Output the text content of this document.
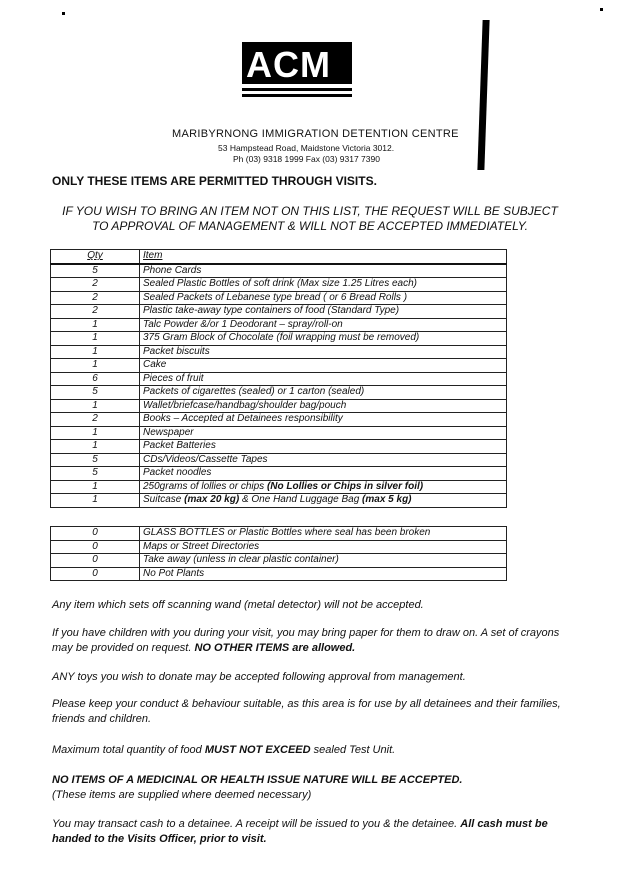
ACM
MARIBYRNONG IMMIGRATION DETENTION CENTRE
53 Hampstead Road, Maidstone Victoria 3012.
Ph (03) 9318 1999 Fax (03) 9317 7390
ONLY THESE ITEMS ARE PERMITTED THROUGH VISITS.
IF YOU WISH TO BRING AN ITEM NOT ON THIS LIST, THE REQUEST WILL BE SUBJECT TO APPROVAL OF MANAGEMENT & WILL NOT BE ACCEPTED IMMEDIATELY.
Qty	Item
5	Phone Cards
2	Sealed Plastic Bottles of soft drink (Max size 1.25 Litres each)
2	Sealed Packets of Lebanese type bread ( or 6 Bread Rolls )
2	Plastic take-away type containers of food (Standard Type)
1	Talc Powder &/or 1 Deodorant – spray/roll-on
1	375 Gram Block of Chocolate (foil wrapping must be removed)
1	Packet biscuits
1	Cake
6	Pieces of fruit
5	Packets of cigarettes (sealed) or 1 carton (sealed)
1	Wallet/briefcase/handbag/shoulder bag/pouch
2	Books – Accepted at Detainees responsibility
1	Newspaper
1	Packet Batteries
5	CDs/Videos/Cassette Tapes
5	Packet noodles
1	250grams of lollies or chips (No Lollies or Chips in silver foil)
1	Suitcase (max 20 kg) & One Hand Luggage Bag (max 5 kg)
0	GLASS BOTTLES or Plastic Bottles where seal has been broken
0	Maps or Street Directories
0	Take away (unless in clear plastic container)
0	No Pot Plants
Any item which sets off scanning wand (metal detector) will not be accepted.
If you have children with you during your visit, you may bring paper for them to draw on. A set of crayons may be provided on request. NO OTHER ITEMS are allowed.
ANY toys you wish to donate may be accepted following approval from management.
Please keep your conduct & behaviour suitable, as this area is for use by all detainees and their families, friends and children.
Maximum total quantity of food MUST NOT EXCEED sealed Test Unit.
NO ITEMS OF A MEDICINAL OR HEALTH ISSUE NATURE WILL BE ACCEPTED.
(These items are supplied where deemed necessary)
You may transact cash to a detainee. A receipt will be issued to you & the detainee. All cash must be handed to the Visits Officer, prior to visit.
